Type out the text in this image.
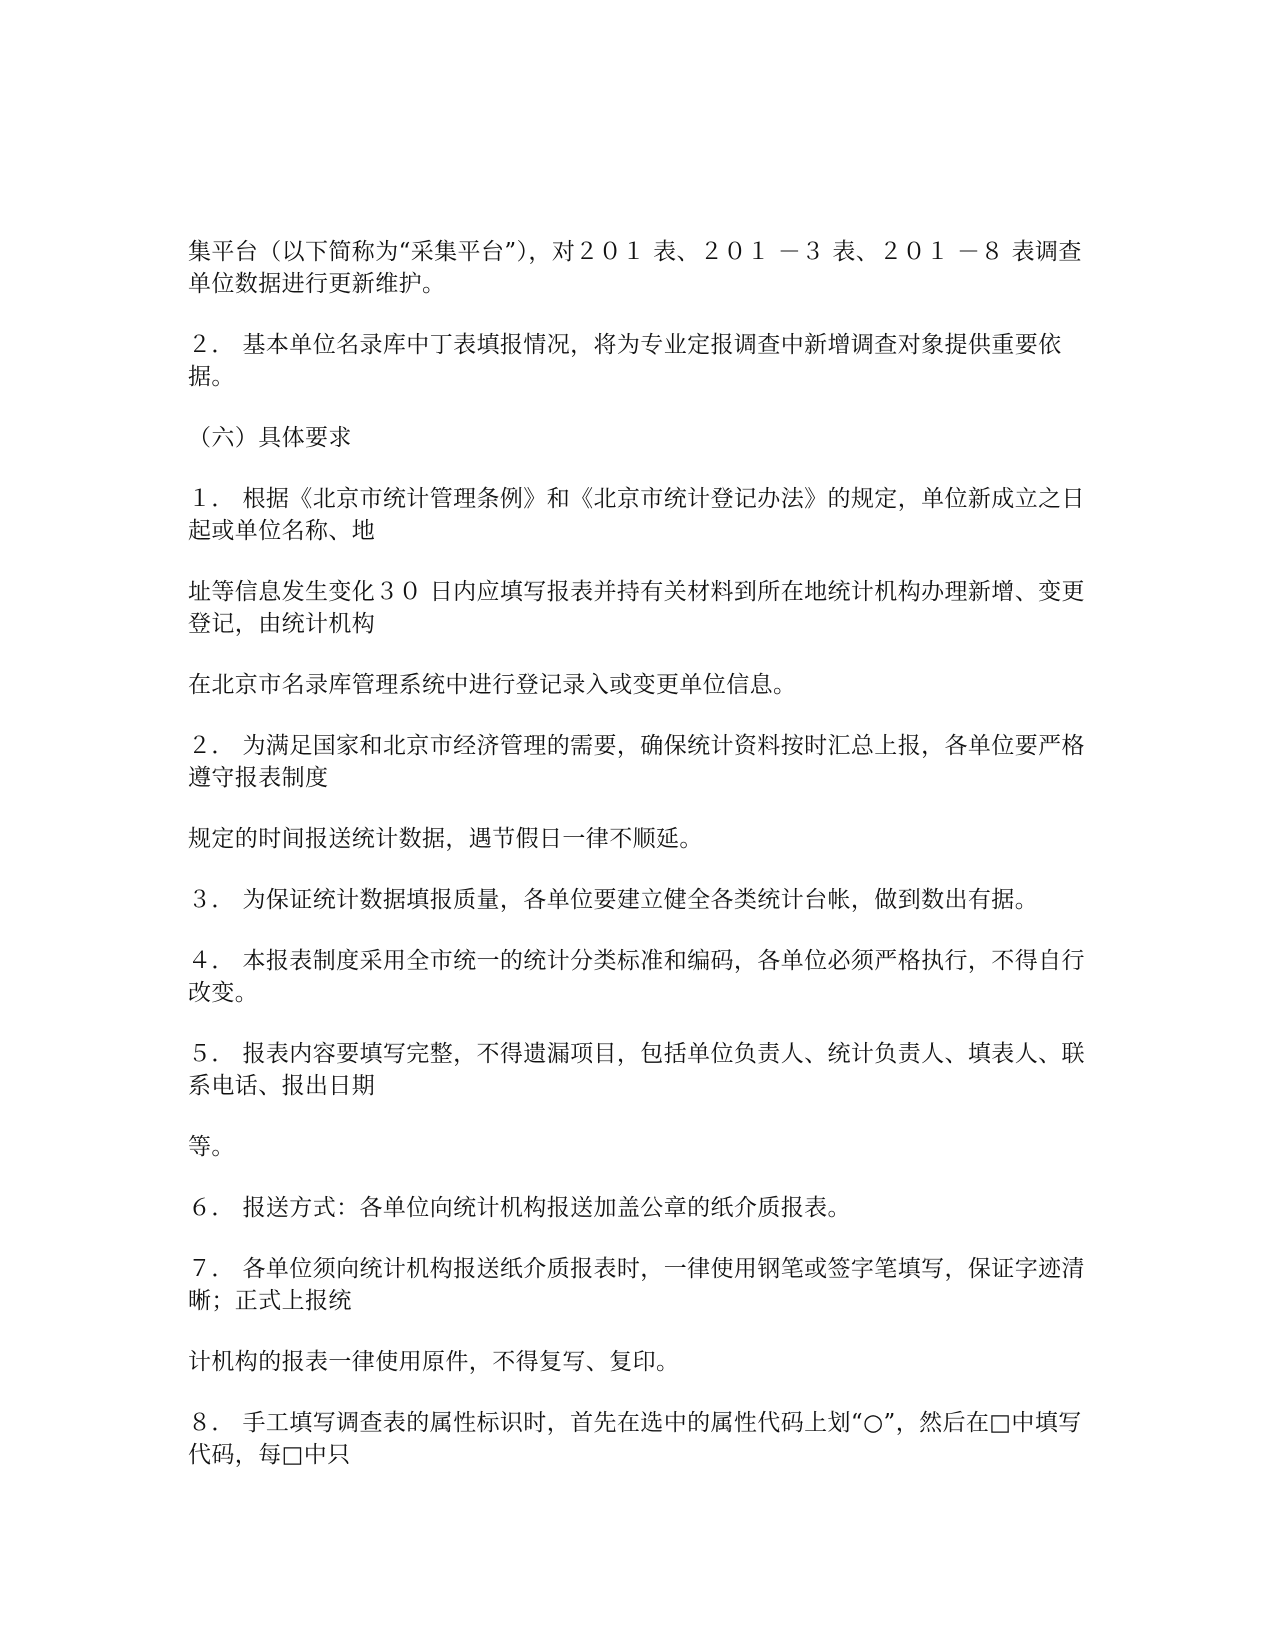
集平台（以下简称为“采集平台”），对２０１ 表、２０１ －３ 表、２０１ －８ 表调查单位数据进行更新维护。

２． 基本单位名录库中丁表填报情况，将为专业定报调查中新增调查对象提供重要依据。

（六）具体要求

１． 根据《北京市统计管理条例》和《北京市统计登记办法》的规定，单位新成立之日起或单位名称、地

址等信息发生变化３０ 日内应填写报表并持有关材料到所在地统计机构办理新增、变更登记，由统计机构

在北京市名录库管理系统中进行登记录入或变更单位信息。

２． 为满足国家和北京市经济管理的需要，确保统计资料按时汇总上报，各单位要严格遵守报表制度

规定的时间报送统计数据，遇节假日一律不顺延。

３． 为保证统计数据填报质量，各单位要建立健全各类统计台帐，做到数出有据。

４． 本报表制度采用全市统一的统计分类标准和编码，各单位必须严格执行，不得自行改变。

５． 报表内容要填写完整，不得遗漏项目，包括单位负责人、统计负责人、填表人、联系电话、报出日期

等。

６． 报送方式：各单位向统计机构报送加盖公章的纸介质报表。

７． 各单位须向统计机构报送纸介质报表时，一律使用钢笔或签字笔填写，保证字迹清晰；正式上报统

计机构的报表一律使用原件，不得复写、复印。

８． 手工填写调查表的属性标识时，首先在选中的属性代码上划“○”，然后在□中填写代码，每□中只
